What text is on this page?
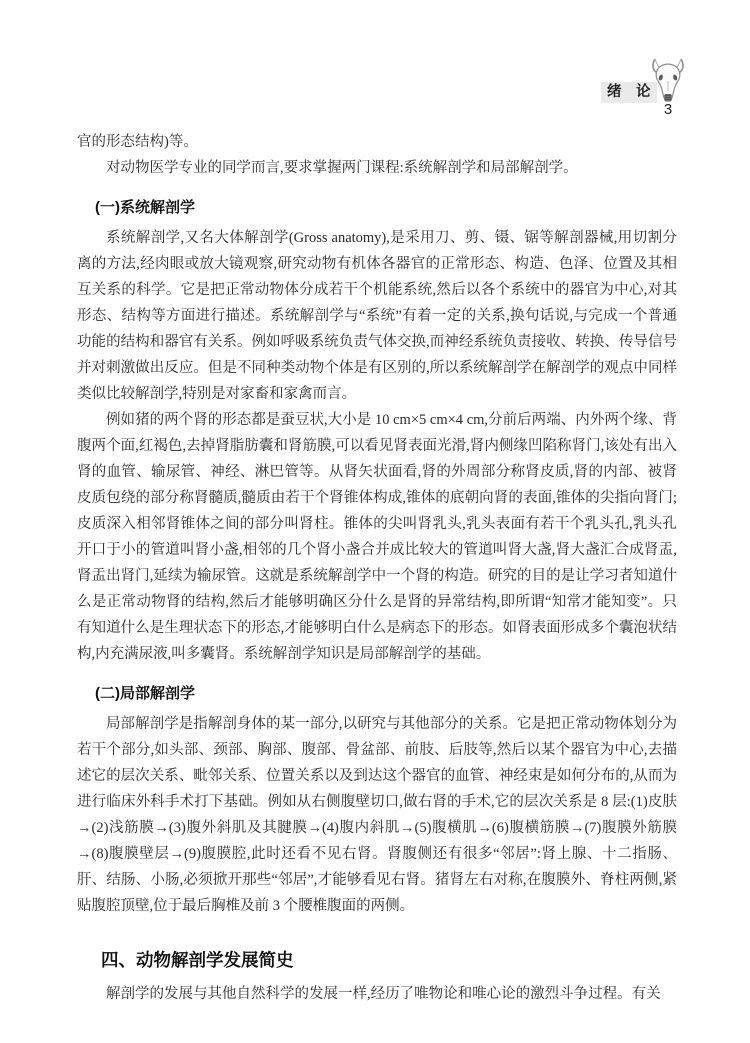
绪　论
3

官的形态结构)等。

对动物医学专业的同学而言,要求掌握两门课程:系统解剖学和局部解剖学。

(一)系统解剖学

系统解剖学,又名大体解剖学(Gross anatomy),是采用刀、剪、镊、锯等解剖器械,用切割分离的方法,经肉眼或放大镜观察,研究动物有机体各器官的正常形态、构造、色泽、位置及其相互关系的科学。它是把正常动物体分成若干个机能系统,然后以各个系统中的器官为中心,对其形态、结构等方面进行描述。系统解剖学与“系统”有着一定的关系,换句话说,与完成一个普通功能的结构和器官有关系。例如呼吸系统负责气体交换,而神经系统负责接收、转换、传导信号并对刺激做出反应。但是不同种类动物个体是有区别的,所以系统解剖学在解剖学的观点中同样类似比较解剖学,特别是对家畜和家禽而言。

例如猪的两个肾的形态都是蚕豆状,大小是 10 cm×5 cm×4 cm,分前后两端、内外两个缘、背腹两个面,红褐色,去掉肾脂肪囊和肾筋膜,可以看见肾表面光滑,肾内侧缘凹陷称肾门,该处有出入肾的血管、输尿管、神经、淋巴管等。从肾矢状面看,肾的外周部分称肾皮质,肾的内部、被肾皮质包绕的部分称肾髓质,髓质由若干个肾锥体构成,锥体的底朝向肾的表面,锥体的尖指向肾门;皮质深入相邻肾锥体之间的部分叫肾柱。锥体的尖叫肾乳头,乳头表面有若干个乳头孔,乳头孔开口于小的管道叫肾小盏,相邻的几个肾小盏合并成比较大的管道叫肾大盏,肾大盏汇合成肾盂,肾盂出肾门,延续为输尿管。这就是系统解剖学中一个肾的构造。研究的目的是让学习者知道什么是正常动物肾的结构,然后才能够明确区分什么是肾的异常结构,即所谓“知常才能知变”。只有知道什么是生理状态下的形态,才能够明白什么是病态下的形态。如肾表面形成多个囊泡状结构,内充满尿液,叫多囊肾。系统解剖学知识是局部解剖学的基础。

(二)局部解剖学

局部解剖学是指解剖身体的某一部分,以研究与其他部分的关系。它是把正常动物体划分为若干个部分,如头部、颈部、胸部、腹部、骨盆部、前肢、后肢等,然后以某个器官为中心,去描述它的层次关系、毗邻关系、位置关系以及到达这个器官的血管、神经束是如何分布的,从而为进行临床外科手术打下基础。例如从右侧腹壁切口,做右肾的手术,它的层次关系是 8 层:(1)皮肤→(2)浅筋膜→(3)腹外斜肌及其腱膜→(4)腹内斜肌→(5)腹横肌→(6)腹横筋膜→(7)腹膜外筋膜→(8)腹膜壁层→(9)腹膜腔,此时还看不见右肾。肾腹侧还有很多“邻居”:肾上腺、十二指肠、肝、结肠、小肠,必须掀开那些“邻居”,才能够看见右肾。猪肾左右对称,在腹膜外、脊柱两侧,紧贴腹腔顶壁,位于最后胸椎及前 3 个腰椎腹面的两侧。

四、动物解剖学发展简史

解剖学的发展与其他自然科学的发展一样,经历了唯物论和唯心论的激烈斗争过程。有关
